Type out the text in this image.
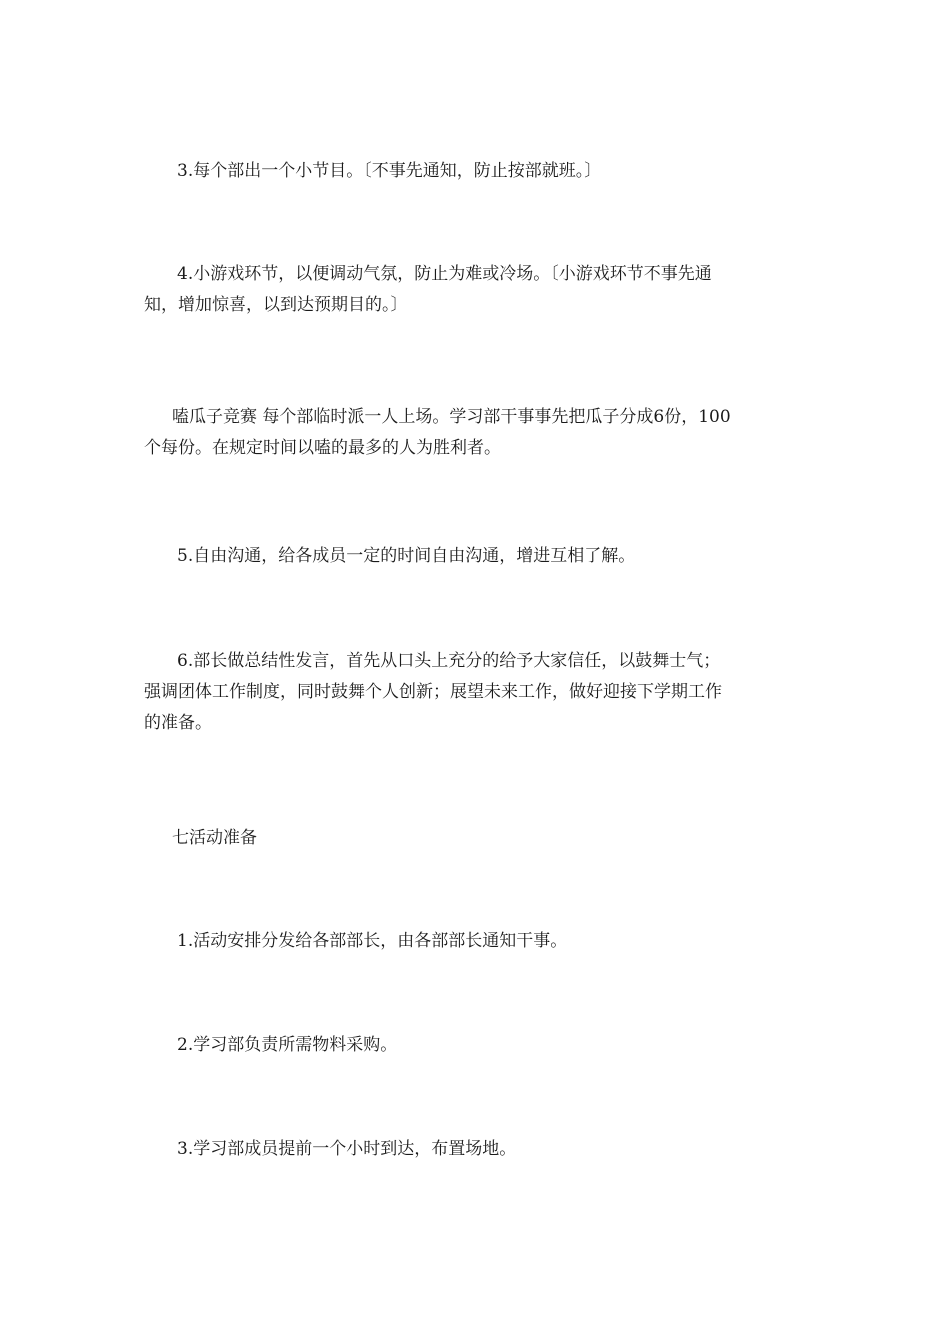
3.每个部出一个小节目。〔不事先通知，防止按部就班。〕

4.小游戏环节，以便调动气氛，防止为难或冷场。〔小游戏环节不事先通
知，增加惊喜，以到达预期目的。〕

嗑瓜子竞赛 每个部临时派一人上场。学习部干事事先把瓜子分成6份，100
个每份。在规定时间以嗑的最多的人为胜利者。

5.自由沟通，给各成员一定的时间自由沟通，增进互相了解。

6.部长做总结性发言，首先从口头上充分的给予大家信任，以鼓舞士气；
强调团体工作制度，同时鼓舞个人创新；展望未来工作，做好迎接下学期工作
的准备。

七活动准备

1.活动安排分发给各部部长，由各部部长通知干事。

2.学习部负责所需物料采购。

3.学习部成员提前一个小时到达，布置场地。
